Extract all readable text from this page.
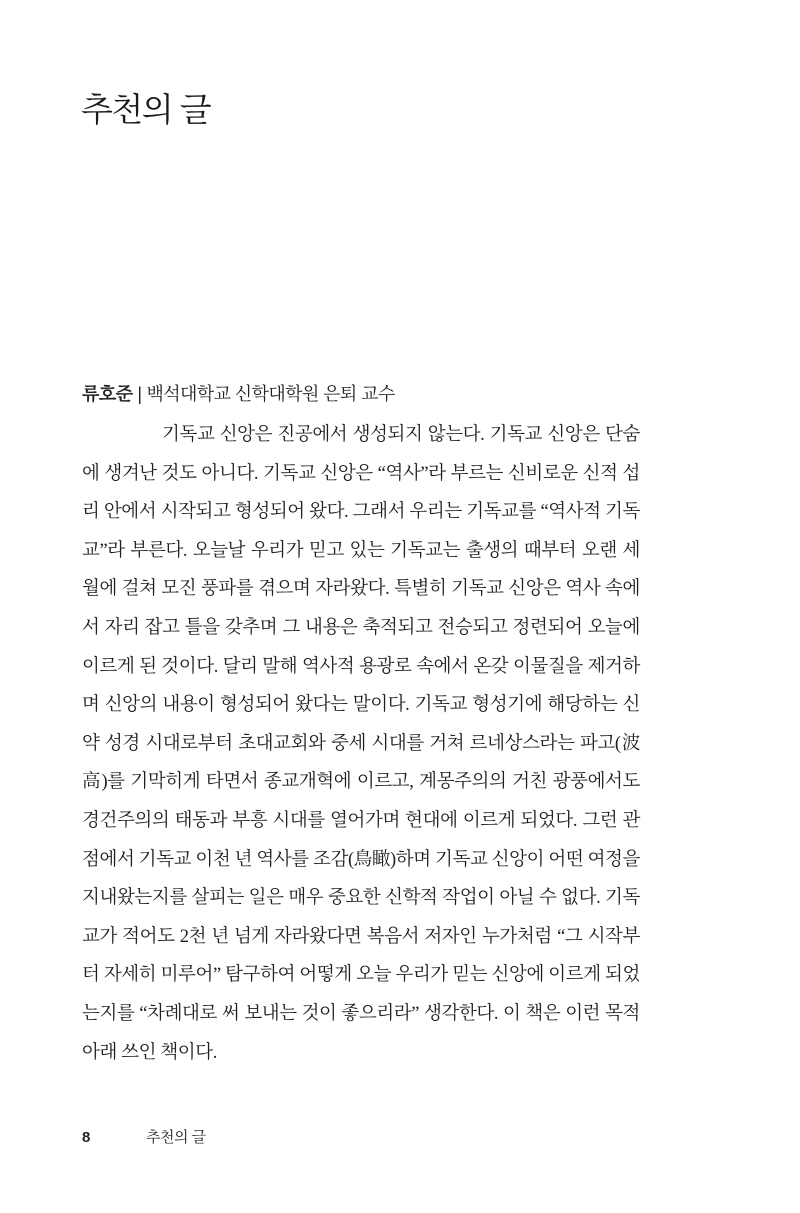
추천의 글
류호준 | 백석대학교 신학대학원 은퇴 교수

기독교 신앙은 진공에서 생성되지 않는다. 기독교 신앙은 단숨에 생겨난 것도 아니다. 기독교 신앙은 “역사”라 부르는 신비로운 신적 섭리 안에서 시작되고 형성되어 왔다. 그래서 우리는 기독교를 “역사적 기독교”라 부른다. 오늘날 우리가 믿고 있는 기독교는 출생의 때부터 오랜 세월에 걸쳐 모진 풍파를 겪으며 자라왔다. 특별히 기독교 신앙은 역사 속에서 자리 잡고 틀을 갖추며 그 내용은 축적되고 전승되고 정련되어 오늘에 이르게 된 것이다. 달리 말해 역사적 용광로 속에서 온갖 이물질을 제거하며 신앙의 내용이 형성되어 왔다는 말이다. 기독교 형성기에 해당하는 신약 성경 시대로부터 초대교회와 중세 시대를 거쳐 르네상스라는 파고(波高)를 기막히게 타면서 종교개혁에 이르고, 계몽주의의 거친 광풍에서도 경건주의의 태동과 부흥 시대를 열어가며 현대에 이르게 되었다. 그런 관점에서 기독교 이천 년 역사를 조감(鳥瞰)하며 기독교 신앙이 어떤 여정을 지내왔는지를 살피는 일은 매우 중요한 신학적 작업이 아닐 수 없다. 기독교가 적어도 2천 년 넘게 자라왔다면 복음서 저자인 누가처럼 “그 시작부터 자세히 미루어” 탐구하여 어떻게 오늘 우리가 믿는 신앙에 이르게 되었는지를 “차례대로 써 보내는 것이 좋으리라” 생각한다. 이 책은 이런 목적 아래 쓰인 책이다.

8	추천의 글
